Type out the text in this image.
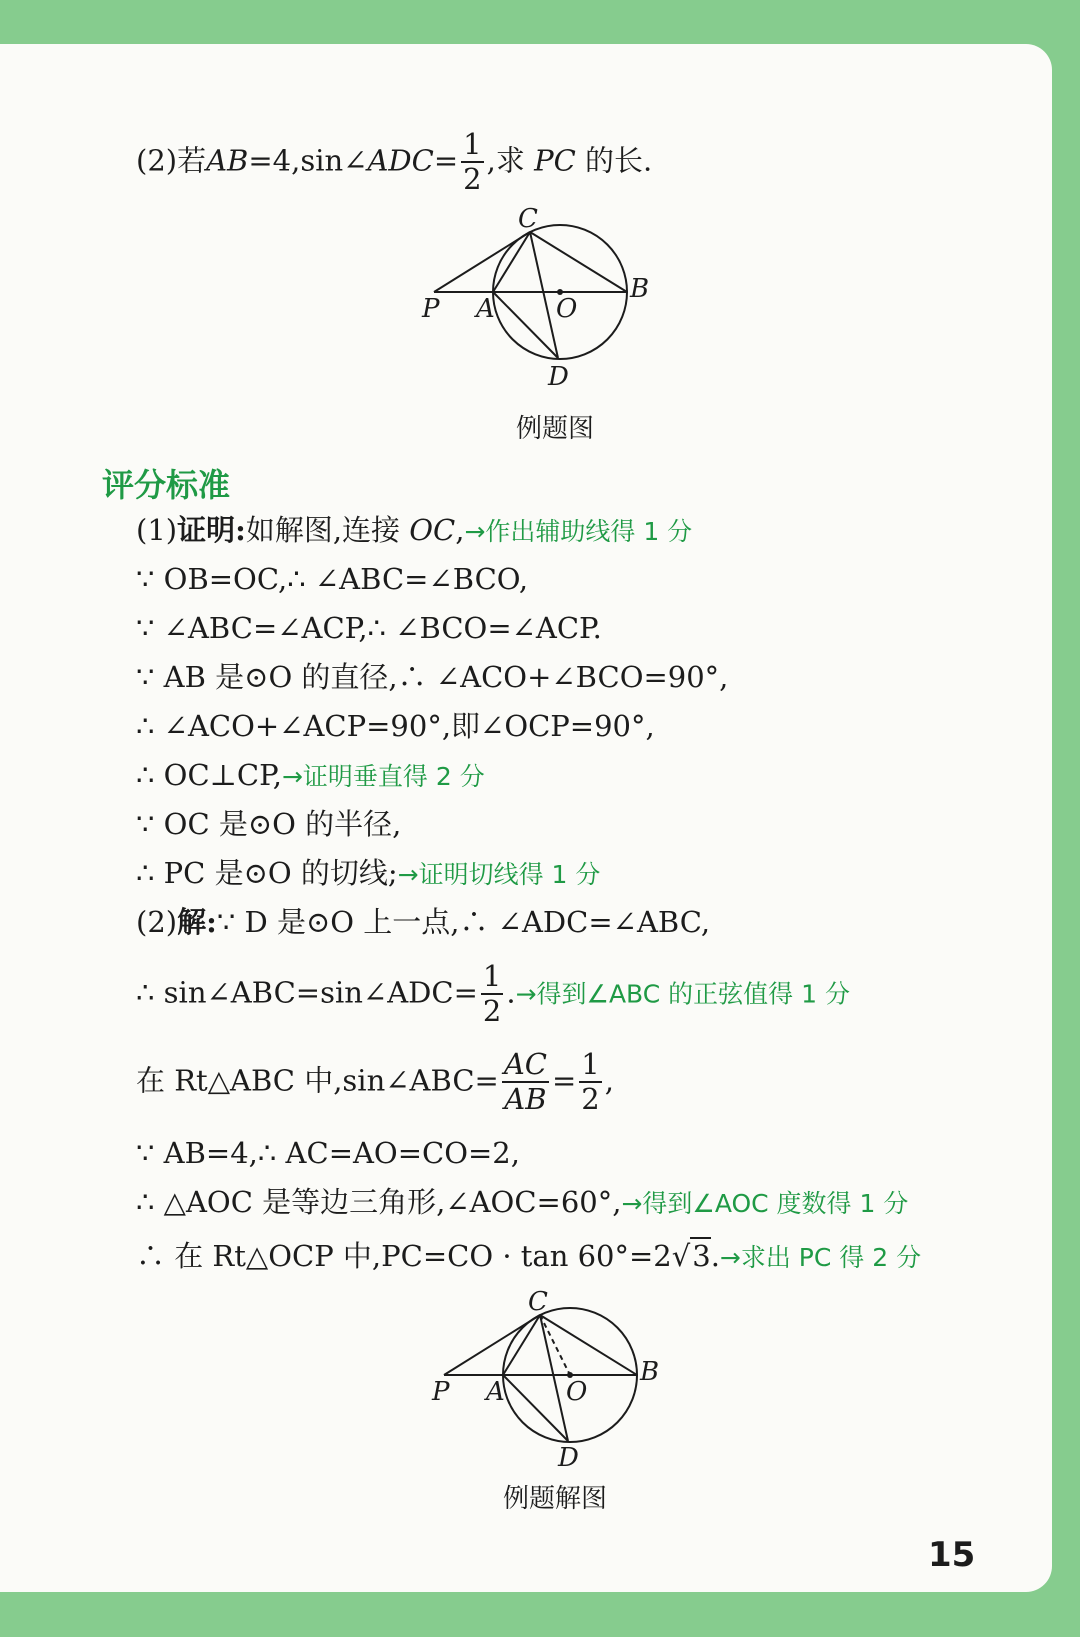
(2)若AB=4,sin∠ADC= $\frac{1}{2}$ ,求 PC 的长.
C
P A O
B
D
例题图
评分标准
(1)证明:如解图,连接 OC,→作出辅助线得 1 分
∵ OB=OC,∴ ∠ABC=∠BCO,
∵ ∠ABC=∠ACP,∴ ∠BCO=∠ACP.
∵ AB 是⊙O 的直径,∴ ∠ACO+∠BCO=90°,
∴ ∠ACO+∠ACP=90°,即∠OCP=90°,
∴ OC⊥CP,→证明垂直得 2 分
∵ OC 是⊙O 的半径,
∴ PC 是⊙O 的切线;→证明切线得 1 分
(2)解:∵ D 是⊙O 上一点,∴ ∠ADC=∠ABC,
∴ sin∠ABC=sin∠ADC= $\frac{1}{2}$ .→得到∠ABC 的正弦值得 1 分
在 Rt△ABC 中,sin∠ABC= $\frac{AC}{AB} = \frac{1}{2}$ ,
∵ AB=4,∴ AC=AO=CO=2,
∴ △AOC 是等边三角形,∠AOC=60°,→得到∠AOC 度数得 1 分
∴ 在 Rt△OCP 中,PC=CO · tan 60°=2√3.→求出 PC 得 2 分
C
P A O
B
D
例题解图
15
